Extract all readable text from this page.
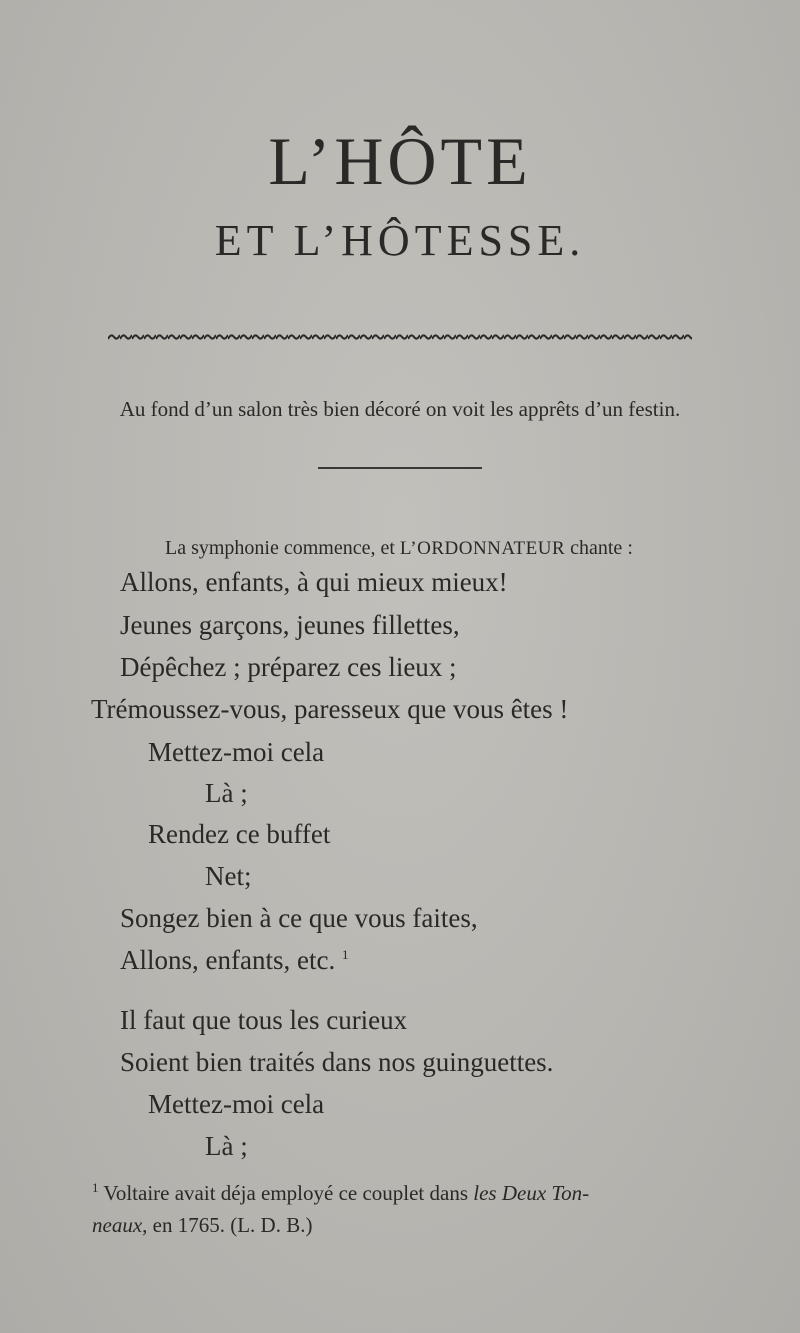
L’HÔTE
ET L’HÔTESSE.
Au fond d’un salon très bien décoré on voit les apprêts d’un festin.
La symphonie commence, et L’ORDONNATEUR chante :
Allons, enfants, à qui mieux mieux!
Jeunes garçons, jeunes fillettes,
Dépêchez ; préparez ces lieux ;
Trémoussez-vous, paresseux que vous êtes !
Mettez-moi cela
Là ;
Rendez ce buffet
Net;
Songez bien à ce que vous faites,
Allons, enfants, etc. $^1$
Il faut que tous les curieux
Soient bien traités dans nos guinguettes.
Mettez-moi cela
Là ;
$^1$ Voltaire avait déja employé ce couplet dans les Deux Ton-
neaux, en 1765. (L. D. B.)
